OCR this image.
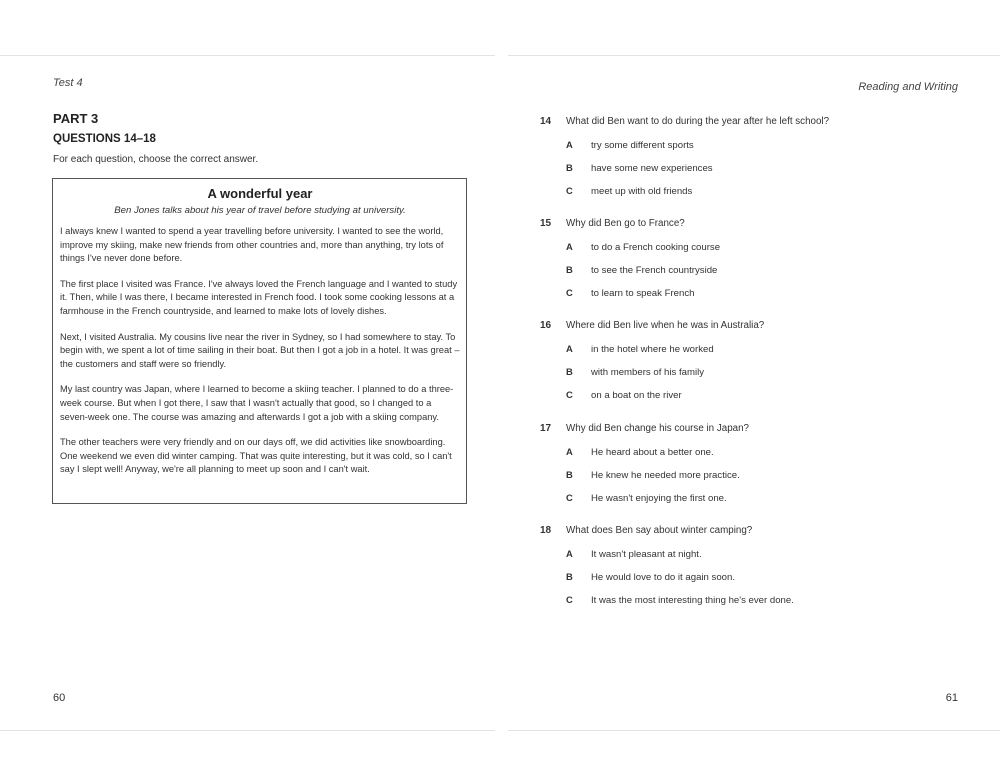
Test 4
PART 3
QUESTIONS 14–18
For each question, choose the correct answer.
A wonderful year
Ben Jones talks about his year of travel before studying at university.

I always knew I wanted to spend a year travelling before university. I wanted to see the world, improve my skiing, make new friends from other countries and, more than anything, try lots of things I've never done before.

The first place I visited was France. I've always loved the French language and I wanted to study it. Then, while I was there, I became interested in French food. I took some cooking lessons at a farmhouse in the French countryside, and learned to make lots of lovely dishes.

Next, I visited Australia. My cousins live near the river in Sydney, so I had somewhere to stay. To begin with, we spent a lot of time sailing in their boat. But then I got a job in a hotel. It was great – the customers and staff were so friendly.

My last country was Japan, where I learned to become a skiing teacher. I planned to do a three-week course. But when I got there, I saw that I wasn't actually that good, so I changed to a seven-week one. The course was amazing and afterwards I got a job with a skiing company.

The other teachers were very friendly and on our days off, we did activities like snowboarding. One weekend we even did winter camping. That was quite interesting, but it was cold, so I can't say I slept well! Anyway, we're all planning to meet up soon and I can't wait.

60
Reading and Writing
14 What did Ben want to do during the year after he left school?
A try some different sports
B have some new experiences
C meet up with old friends
15 Why did Ben go to France?
A to do a French cooking course
B to see the French countryside
C to learn to speak French
16 Where did Ben live when he was in Australia?
A in the hotel where he worked
B with members of his family
C on a boat on the river
17 Why did Ben change his course in Japan?
A He heard about a better one.
B He knew he needed more practice.
C He wasn't enjoying the first one.
18 What does Ben say about winter camping?
A It wasn't pleasant at night.
B He would love to do it again soon.
C It was the most interesting thing he's ever done.
61
